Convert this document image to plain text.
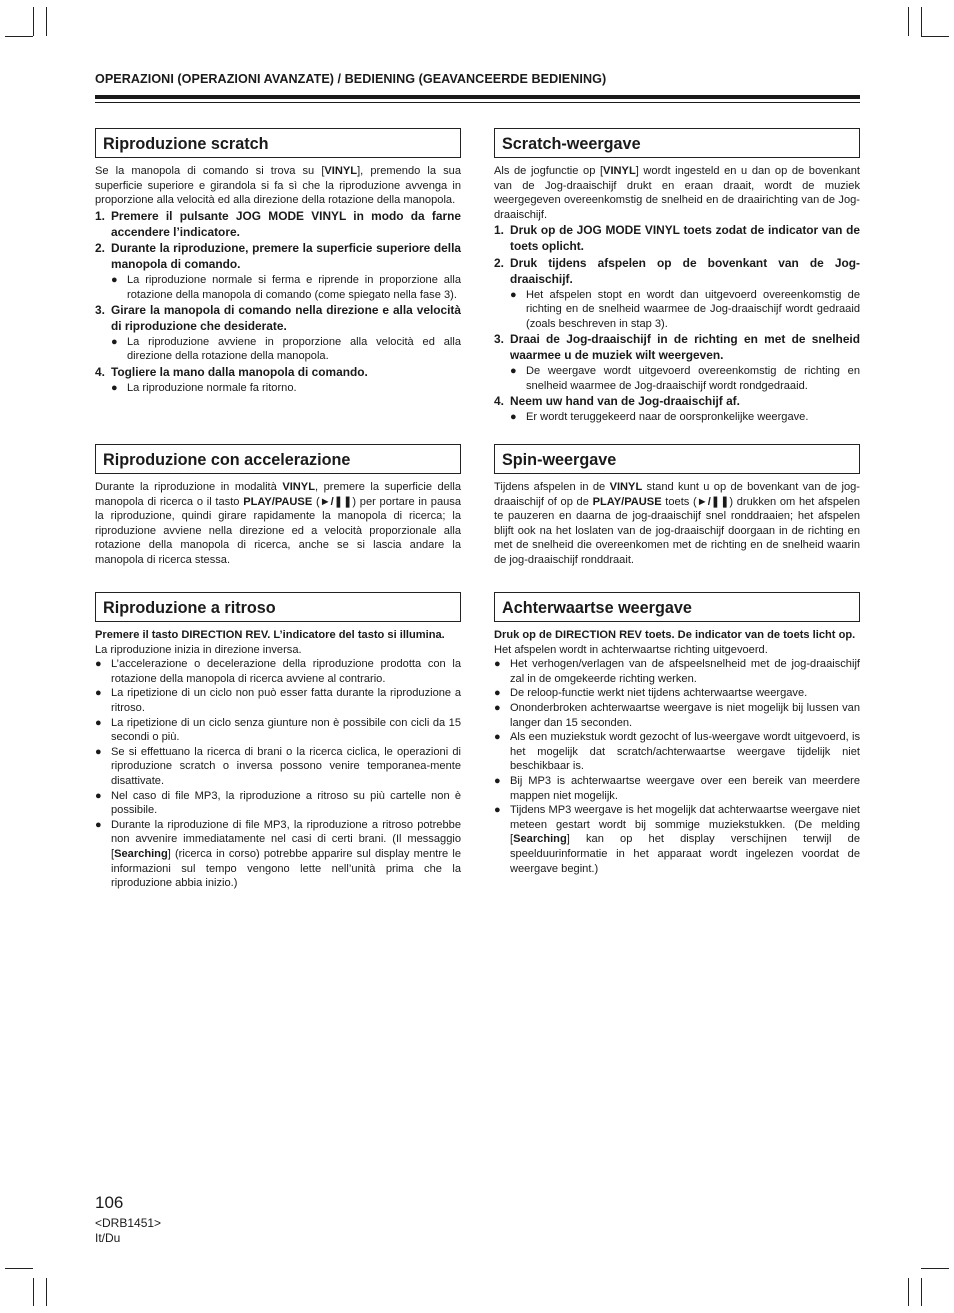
OPERAZIONI (OPERAZIONI AVANZATE) / BEDIENING (GEAVANCEERDE BEDIENING)
Riproduzione scratch

Se la manopola di comando si trova su [VINYL], premendo la sua superficie superiore e girandola si fa sì che la riproduzione avvenga in proporzione alla velocità ed alla direzione della rotazione della manopola.

1. Premere il pulsante JOG MODE VINYL in modo da farne accendere l’indicatore.
2. Durante la riproduzione, premere la superficie superiore della manopola di comando.
● La riproduzione normale si ferma e riprende in proporzione alla rotazione della manopola di comando (come spiegato nella fase 3).
3. Girare la manopola di comando nella direzione e alla velocità di riproduzione che desiderate.
● La riproduzione avviene in proporzione alla velocità ed alla direzione della rotazione della manopola.
4. Togliere la mano dalla manopola di comando.
● La riproduzione normale fa ritorno.
Riproduzione con accelerazione

Durante la riproduzione in modalità VINYL, premere la superficie della manopola di ricerca o il tasto PLAY/PAUSE (►/❚❚) per portare in pausa la riproduzione, quindi girare rapidamente la manopola di ricerca; la riproduzione avviene nella direzione ed a velocità proporzionale alla rotazione della manopola di ricerca, anche se si lascia andare la manopola di ricerca stessa.

Riproduzione a ritroso
Premere il tasto DIRECTION REV. L’indicatore del tasto si illumina.

La riproduzione inizia in direzione inversa.

● L’accelerazione o decelerazione della riproduzione prodotta con la rotazione della manopola di ricerca avviene al contrario.
● La ripetizione di un ciclo non può esser fatta durante la riproduzione a ritroso.
● La ripetizione di un ciclo senza giunture non è possibile con cicli da 15 secondi o più.
● Se si effettuano la ricerca di brani o la ricerca ciclica, le operazioni di riproduzione scratch o inversa possono venire temporanea-mente disattivate.
● Nel caso di file MP3, la riproduzione a ritroso su più cartelle non è possibile.
● Durante la riproduzione di file MP3, la riproduzione a ritroso potrebbe non avvenire immediatamente nel casi di certi brani. (Il messaggio [Searching] (ricerca in corso) potrebbe apparire sul display mentre le informazioni sul tempo vengono lette nell’unità prima che la riproduzione abbia inizio.)
Scratch-weergave

Als de jogfunctie op [VINYL] wordt ingesteld en u dan op de bovenkant van de Jog-draaischijf drukt en eraan draait, wordt de muziek weergegeven overeenkomstig de snelheid en de draairichting van de Jog-draaischijf.

1. Druk op de JOG MODE VINYL toets zodat de indicator van de toets oplicht.
2. Druk tijdens afspelen op de bovenkant van de Jog-draaischijf.
● Het afspelen stopt en wordt dan uitgevoerd overeenkomstig de richting en de snelheid waarmee de Jog-draaischijf wordt gedraaid (zoals beschreven in stap 3).
3. Draai de Jog-draaischijf in de richting en met de snelheid waarmee u de muziek wilt weergeven.
● De weergave wordt uitgevoerd overeenkomstig de richting en snelheid waarmee de Jog-draaischijf wordt rondgedraaid.
4. Neem uw hand van de Jog-draaischijf af.
● Er wordt teruggekeerd naar de oorspronkelijke weergave.
Spin-weergave

Tijdens afspelen in de VINYL stand kunt u op de bovenkant van de jog-draaischijf of op de PLAY/PAUSE toets (►/❚❚) drukken om het afspelen te pauzeren en daarna de jog-draaischijf snel ronddraaien; het afspelen blijft ook na het loslaten van de jog-draaischijf doorgaan in de richting en met de snelheid die overeenkomen met de richting en de snelheid waarin de jog-draaischijf ronddraait.

Achterwaartse weergave
Druk op de DIRECTION REV toets. De indicator van de toets licht op.

Het afspelen wordt in achterwaartse richting uitgevoerd.

● Het verhogen/verlagen van de afspeelsnelheid met de jog-draaischijf zal in de omgekeerde richting werken.
● De reloop-functie werkt niet tijdens achterwaartse weergave.
● Ononderbroken achterwaartse weergave is niet mogelijk bij lussen van langer dan 15 seconden.
● Als een muziekstuk wordt gezocht of lus-weergave wordt uitgevoerd, is het mogelijk dat scratch/achterwaartse weergave tijdelijk niet beschikbaar is.
● Bij MP3 is achterwaartse weergave over een bereik van meerdere mappen niet mogelijk.
● Tijdens MP3 weergave is het mogelijk dat achterwaartse weergave niet meteen gestart wordt bij sommige muziekstukken. (De melding [Searching] kan op het display verschijnen terwijl de speelduurinformatie in het apparaat wordt ingelezen voordat de weergave begint.)
106
<DRB1451>
It/Du
